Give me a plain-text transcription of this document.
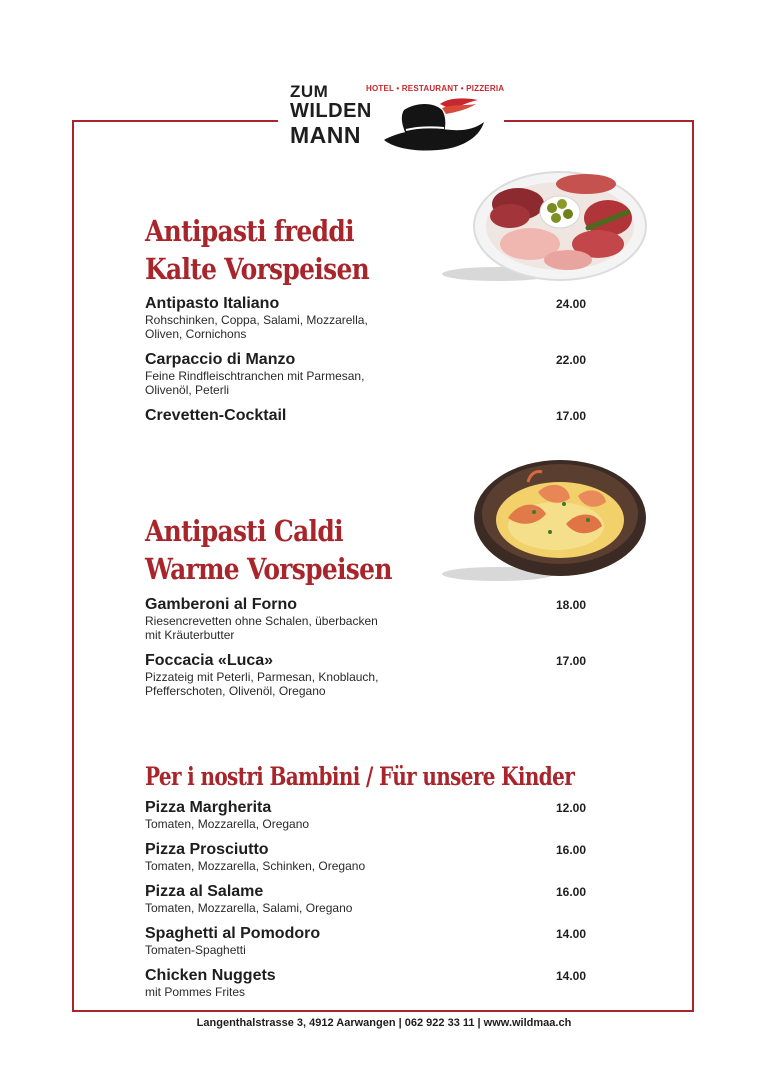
ZUM	HOTEL • RESTAURANT • PIZZERIA
WILDEN
MANN
Antipasti freddi
Kalte Vorspeisen
Antipasto Italiano
Rohschinken, Coppa, Salami, Mozzarella, Oliven, Cornichons
24.00
Carpaccio di Manzo
Feine Rindfleischtranchen mit Parmesan, Olivenöl, Peterli
22.00
Crevetten-Cocktail	17.00
Antipasti Caldi
Warme Vorspeisen
Gamberoni al Forno
Riesencrevetten ohne Schalen, überbacken mit Kräuterbutter
18.00
Foccacia «Luca»
Pizzateig mit Peterli, Parmesan, Knoblauch, Pfefferschoten, Olivenöl, Oregano
17.00
Per i nostri Bambini / Für unsere Kinder
Pizza Margherita
Tomaten, Mozzarella, Oregano
12.00
Pizza Prosciutto
Tomaten, Mozzarella, Schinken, Oregano
16.00
Pizza al Salame
Tomaten, Mozzarella, Salami, Oregano
16.00
Spaghetti al Pomodoro
Tomaten-Spaghetti
14.00
Chicken Nuggets
mit Pommes Frites
14.00
Langenthalstrasse 3, 4912 Aarwangen | 062 922 33 11 | www.wildmaa.ch
